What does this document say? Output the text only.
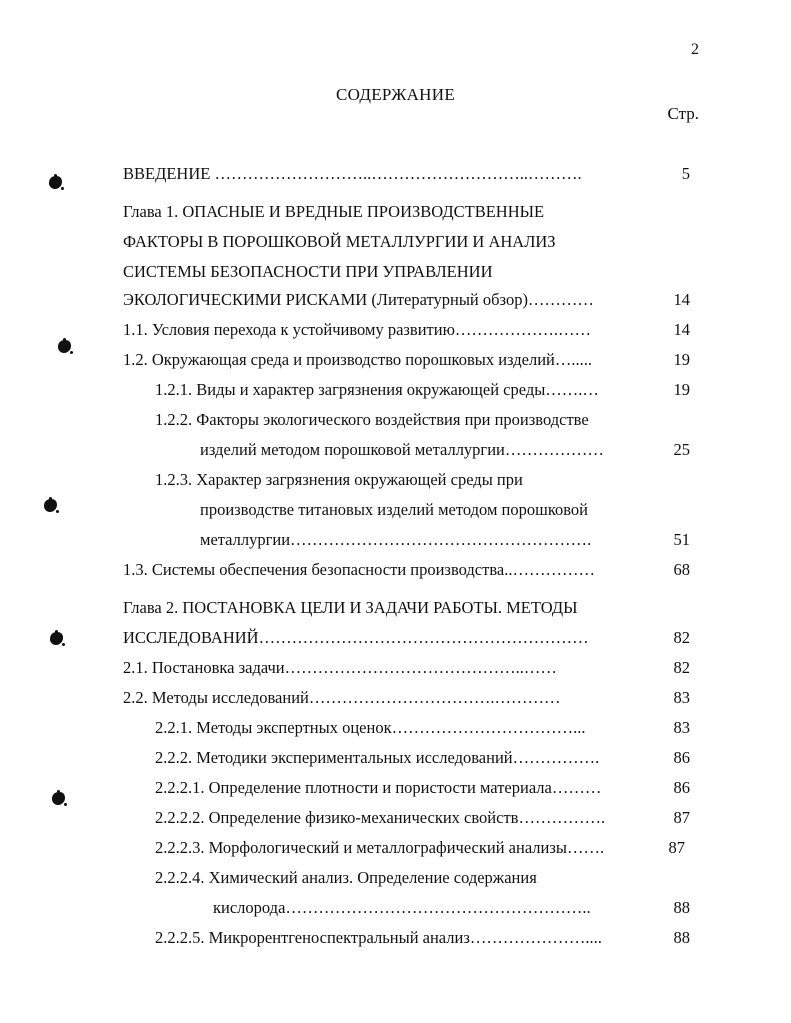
2
СОДЕРЖАНИЕ
Стр.
ВВЕДЕНИЕ ………………………..………………………..……….	5
Глава 1. ОПАСНЫЕ И ВРЕДНЫЕ ПРОИЗВОДСТВЕННЫЕ
ФАКТОРЫ В ПОРОШКОВОЙ МЕТАЛЛУРГИИ И АНАЛИЗ
СИСТЕМЫ БЕЗОПАСНОСТИ ПРИ УПРАВЛЕНИИ
ЭКОЛОГИЧЕСКИМИ РИСКАМИ (Литературный обзор)…………	14
1.1. Условия перехода к устойчивому развитию……………….……	14
1.2. Окружающая среда и производство порошковых изделий….....	19
1.2.1. Виды и характер загрязнения окружающей среды…….…	19
1.2.2. Факторы экологического воздействия при производстве
изделий методом порошковой металлургии………………	25
1.2.3. Характер загрязнения окружающей среды при
производстве титановых изделий методом порошковой
металлургии……………………………………………….	51
1.3. Системы обеспечения безопасности производства..……………	68
Глава 2. ПОСТАНОВКА ЦЕЛИ И ЗАДАЧИ РАБОТЫ. МЕТОДЫ
ИССЛЕДОВАНИЙ……………………………………………………	82
2.1. Постановка задачи……………………………………..……	82
2.2. Методы исследований…………………………….…………	83
2.2.1. Методы экспертных оценок……………………………...	83
2.2.2. Методики экспериментальных исследований…………….	86
2.2.2.1. Определение плотности и пористости материала………	86
2.2.2.2. Определение физико-механических свойств…………….	87
2.2.2.3. Морфологический и металлографический анализы…….	87
2.2.2.4. Химический анализ. Определение содержания
кислорода………………………………………………..	88
2.2.2.5. Микрорентгеноспектральный анализ…………………....	88
